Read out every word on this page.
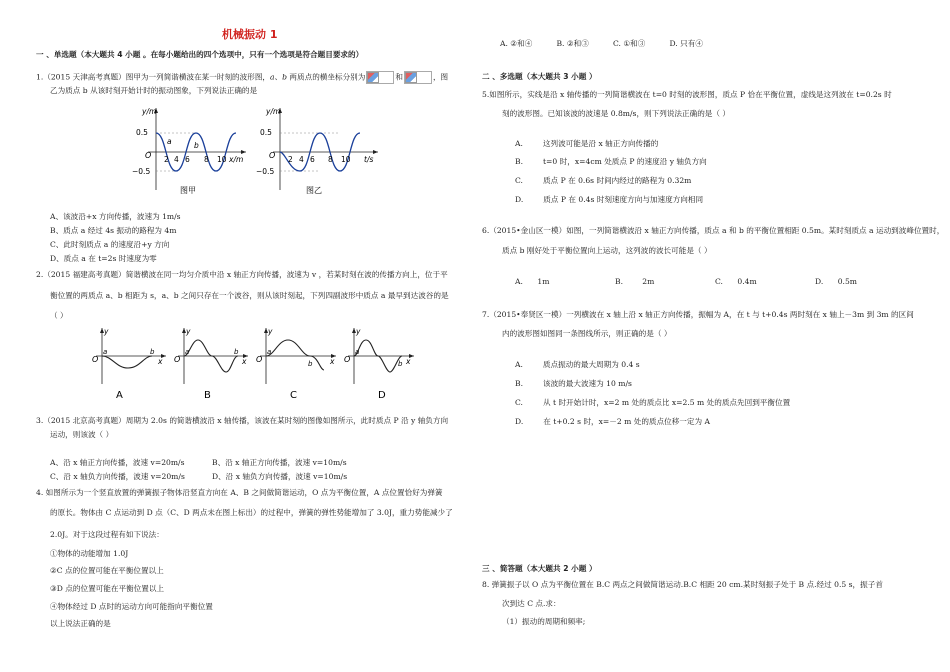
机械振动 1
一 、单选题（本大题共 4 小题 。在每小题给出的四个选项中，只有一个选项是符合题目要求的）
1.（2015 天津高考真题）图甲为一列简谐横波在某一时刻的波形图，a、b 两质点的横坐标分别为	和	，图
乙为质点 b 从该时刻开始计时的振动图象，下列说法正确的是
y/m
0.5
−0.5
O 2 4 6 8 10 x/m
a	b
图甲
y/m
0.5
−0.5
O 2 4 6 8 10 t/s
图乙
A、该波沿+x 方向传播，波速为 1m/s
B、质点 a 经过 4s 振动的路程为 4m
C、此时刻质点 a 的速度沿+y 方向
D、质点 a 在 t=2s 时速度为零
2.（2015 福建高考真题）简谐横波在同一均匀介质中沿 x 轴正方向传播，波速为 v ，若某时刻在波的传播方向上，位于平
衡位置的两质点 a、b 相距为 s，a、b 之间只存在一个波谷，则从该时刻起，下列四副波形中质点 a 最早到达波谷的是
（ ）
y
O
a	b
x
A
y
O
a	b
x
B
y
O
a
b x
C
y
O
a
b x
D
3.（2015 北京高考真题）周期为 2.0s 的简谐横波沿 x 轴传播，该波在某时刻的图像如图所示，此时质点 P 沿 y 轴负方向
运动，则该波（ ）
A、沿 x 轴正方向传播，波速 v=20m/s	B、沿 x 轴正方向传播，波速 v=10m/s
C、沿 x 轴负方向传播，波速 v=20m/s	D、沿 x 轴负方向传播，波速 v=10m/s
4. 如图所示为一个竖直放置的弹簧振子物体沿竖直方向在 A、B 之间做简谐运动，O 点为平衡位置，A 点位置恰好为弹簧
的原长。物体由 C 点运动到 D 点（C、D 两点未在图上标出）的过程中，弹簧的弹性势能增加了 3.0J，重力势能减少了
2.0J。对于这段过程有如下说法：
①物体的动能增加 1.0J
②C 点的位置可能在平衡位置以上
③D 点的位置可能在平衡位置以上
④物体经过 D 点时的运动方向可能指向平衡位置
以上说法正确的是
A. ②和④          B. ②和③          C. ①和③          D. 只有④
二 、多选题（本大题共 3 小题 ）
5.如图所示，实线是沿 x 轴传播的一列简谐横波在 t=0 时刻的波形图，质点 P 恰在平衡位置，虚线是这列波在 t=0.2s 时
刻的波形图。已知该波的波速是 0.8m/s，则下列说法正确的是（ ）
A.	这列波可能是沿 x 轴正方向传播的
B.	t=0 时，x=4cm 处质点 P 的速度沿 y 轴负方向
C.	质点 P 在 0.6s 时间内经过的路程为 0.32m
D.	质点 P 在 0.4s 时刻速度方向与加速度方向相同
6.（2015•金山区一模）如图，一列简谐横波沿 x 轴正方向传播，质点 a 和 b 的平衡位置相距 0.5m。某时刻质点 a 运动到波峰位置时，
质点 b 刚好处于平衡位置向上运动，这列波的波长可能是（ ）
A.      1m	B.        2m	C.      0.4m	D.      0.5m
7.（2015•奉贤区一模）一列横波在 x 轴上沿 x 轴正方向传播，振幅为 A，在 t 与 t+0.4s 两时刻在 x 轴上－3m 到 3m 的区间
内的波形图如图同一条图线所示，则正确的是（ ）
A.	质点振动的最大周期为 0.4 s
B.	该波的最大波速为 10 m/s
C.	从 t 时开始计时，x=2 m 处的质点比 x=2.5 m 处的质点先回到平衡位置
D.	在 t+0.2 s 时，x=－2 m 处的质点位移一定为 A
三 、简答题（本大题共 2 小题 ）
8. 弹簧振子以 O 点为平衡位置在 B.C 两点之间做简谐运动.B.C 相距 20 cm.某时刻振子处于 B 点.经过 0.5 s，振子首
次到达 C 点.求：
（1）振动的周期和频率;
